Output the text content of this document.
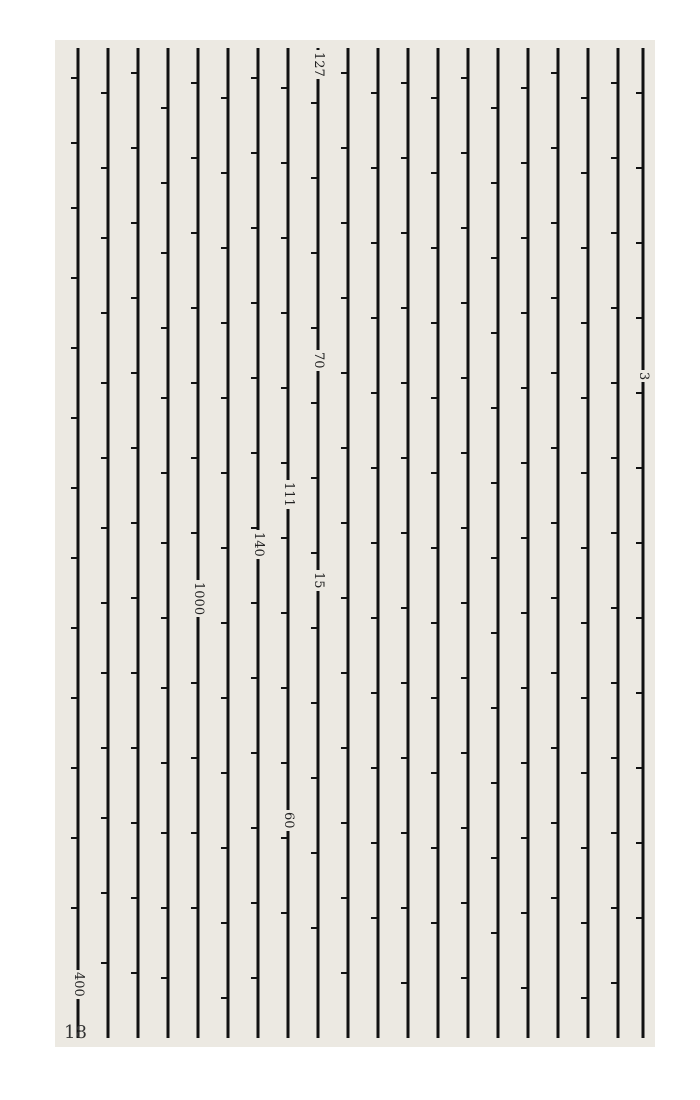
400
1000
140
111
60
127
70
15
3
18
